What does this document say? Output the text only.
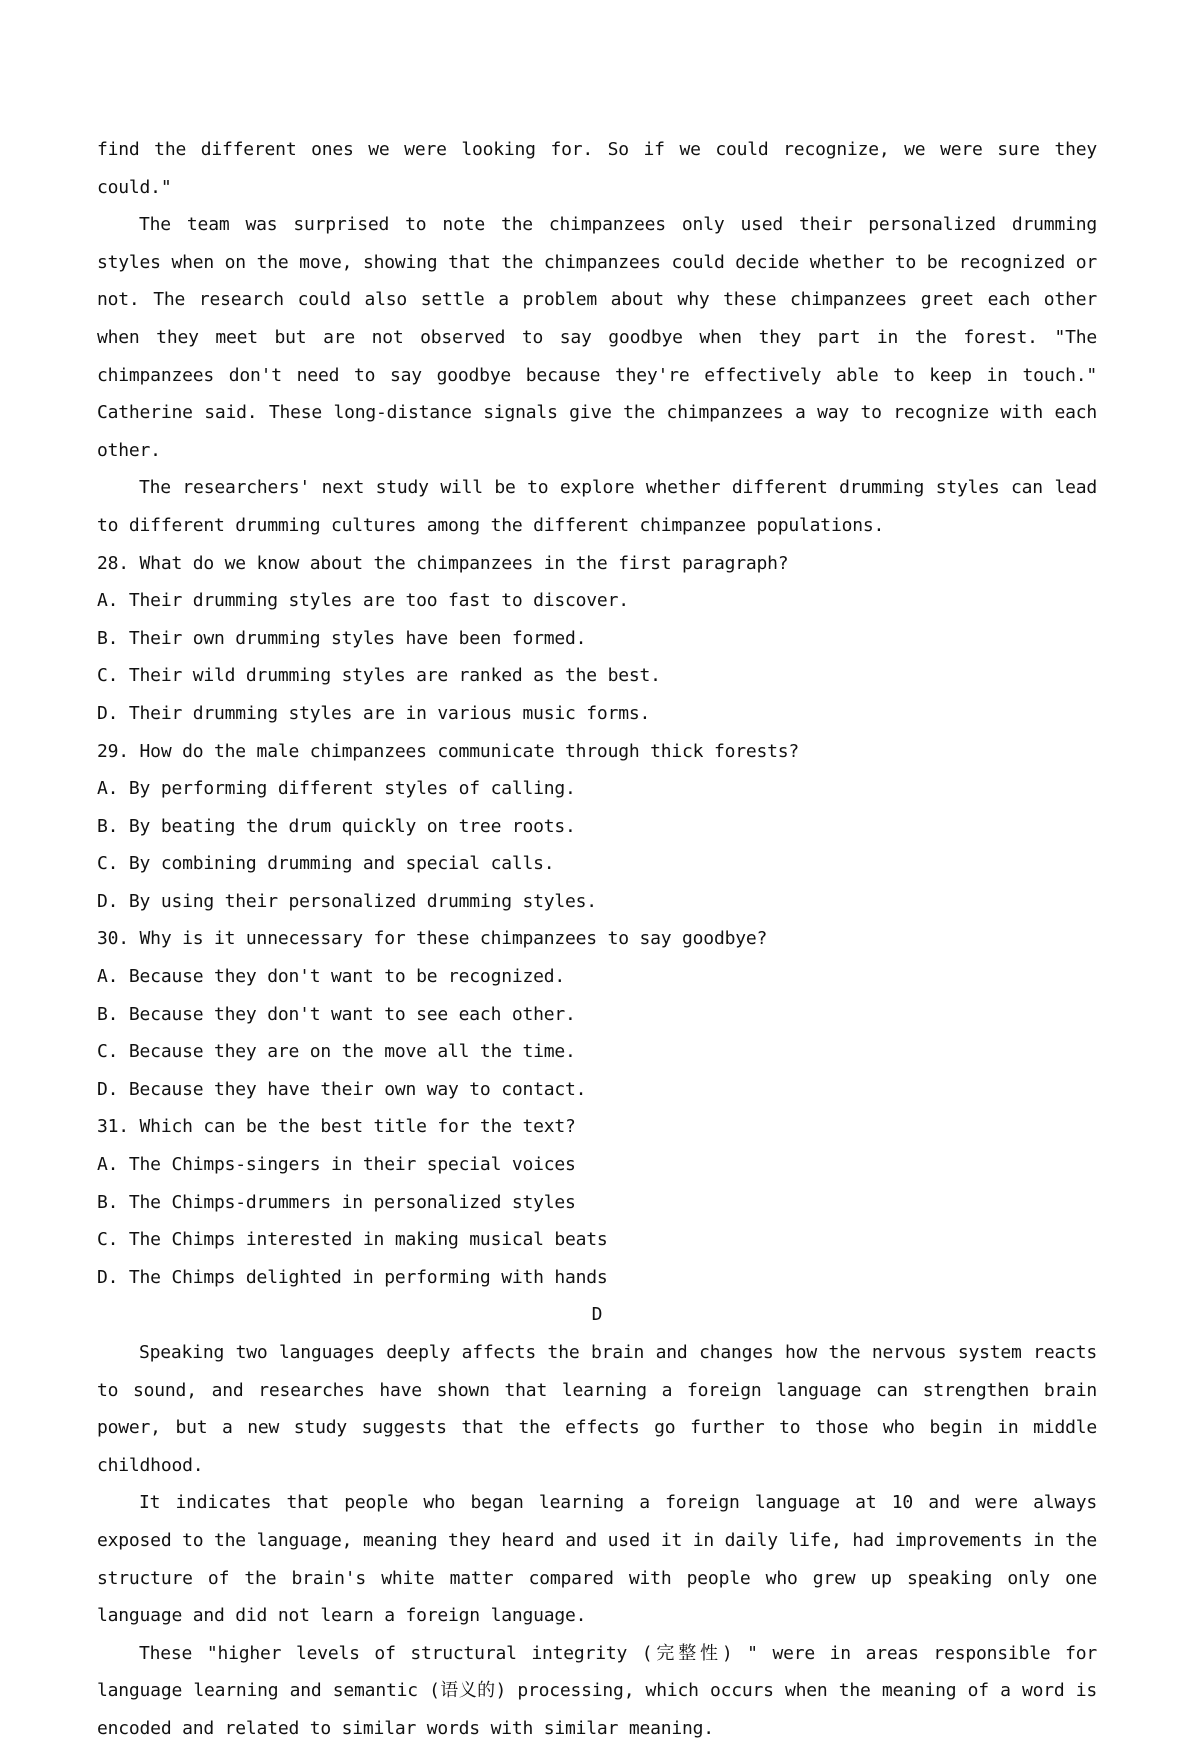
find the different ones we were looking for. So if we could recognize, we were sure they could."

The team was surprised to note the chimpanzees only used their personalized drumming styles when on the move, showing that the chimpanzees could decide whether to be recognized or not. The research could also settle a problem about why these chimpanzees greet each other when they meet but are not observed to say goodbye when they part in the forest. "The chimpanzees don't need to say goodbye because they're effectively able to keep in touch." Catherine said. These long-distance signals give the chimpanzees a way to recognize with each other.

The researchers' next study will be to explore whether different drumming styles can lead to different drumming cultures among the different chimpanzee populations.

28. What do we know about the chimpanzees in the first paragraph?

A. Their drumming styles are too fast to discover.

B. Their own drumming styles have been formed.

C. Their wild drumming styles are ranked as the best.

D. Their drumming styles are in various music forms.

29. How do the male chimpanzees communicate through thick forests?

A. By performing different styles of calling.

B. By beating the drum quickly on tree roots.

C. By combining drumming and special calls.

D. By using their personalized drumming styles.

30. Why is it unnecessary for these chimpanzees to say goodbye?

A. Because they don't want to be recognized.

B. Because they don't want to see each other.

C. Because they are on the move all the time.

D. Because they have their own way to contact.

31. Which can be the best title for the text?

A. The Chimps-singers in their special voices

B. The Chimps-drummers in personalized styles

C. The Chimps interested in making musical beats

D. The Chimps delighted in performing with hands

D

Speaking two languages deeply affects the brain and changes how the nervous system reacts to sound, and researches have shown that learning a foreign language can strengthen brain power, but a new study suggests that the effects go further to those who begin in middle childhood.

It indicates that people who began learning a foreign language at 10 and were always exposed to the language, meaning they heard and used it in daily life, had improvements in the structure of the brain's white matter compared with people who grew up speaking only one language and did not learn a foreign language.

These "higher levels of structural integrity (完整性) " were in areas responsible for language learning and semantic (语义的) processing, which occurs when the meaning of a word is encoded and related to similar words with similar meaning.
